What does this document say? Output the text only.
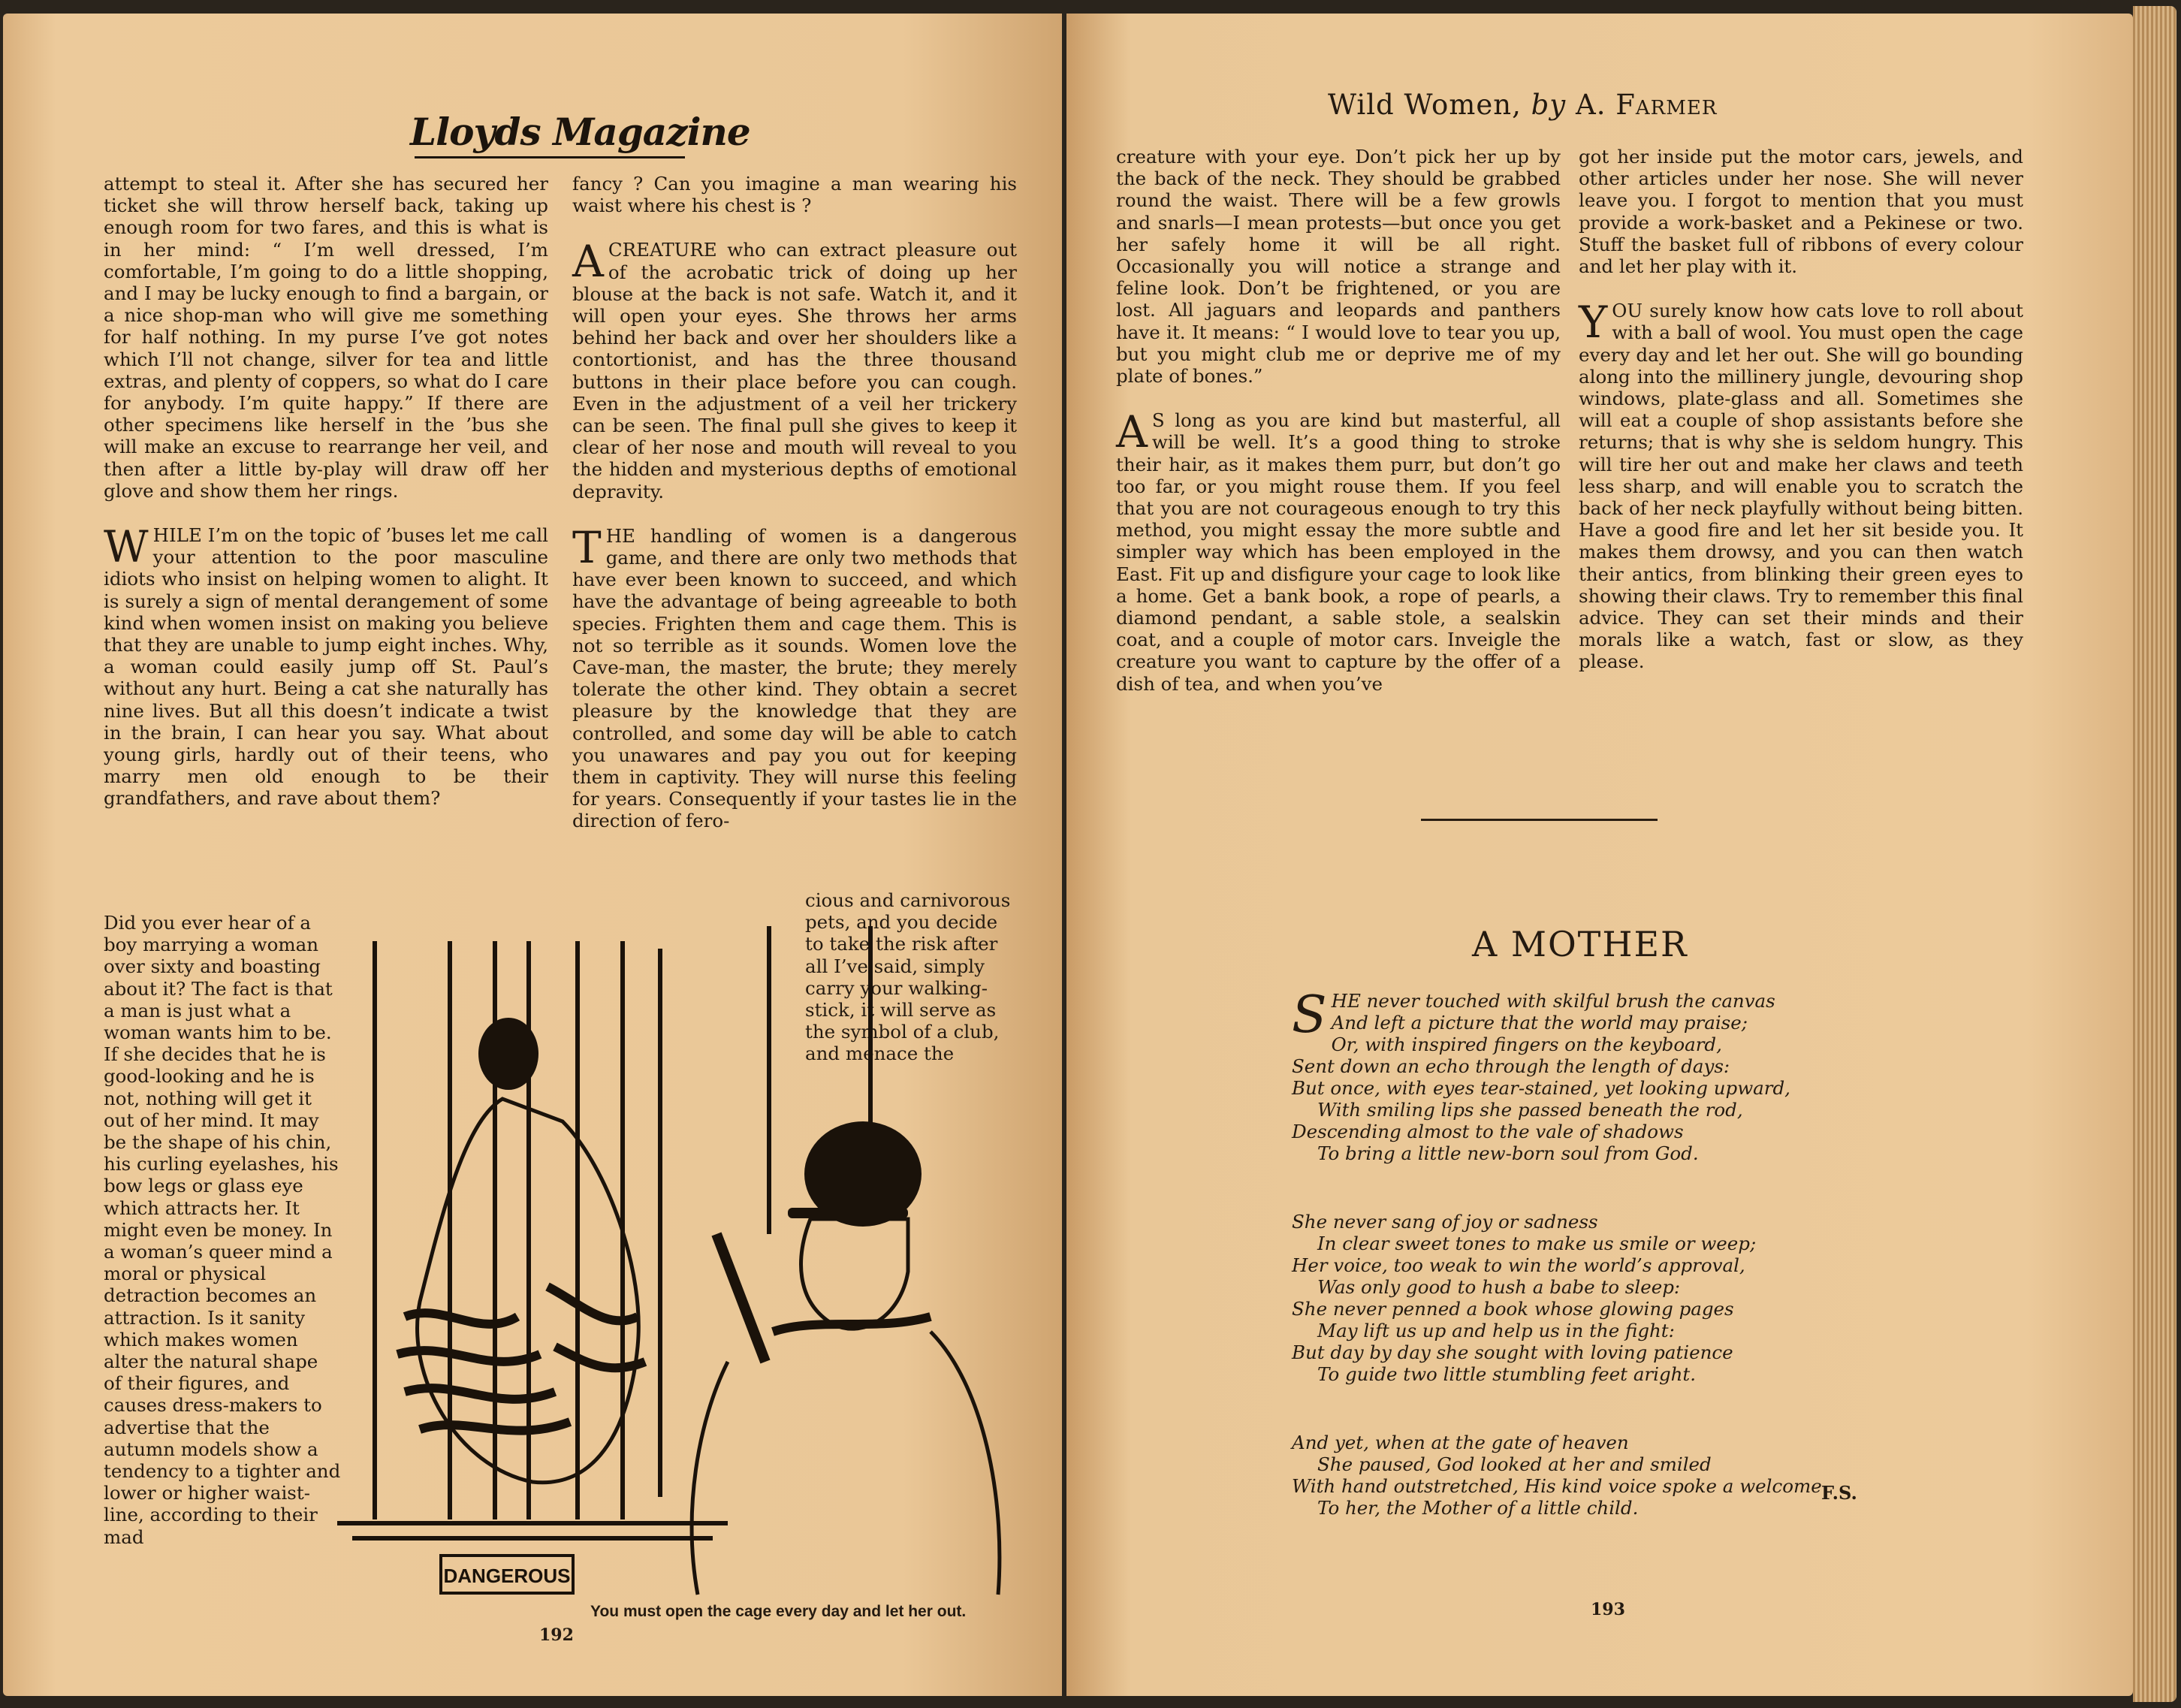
Lloyds Magazine

attempt to steal it. After she has secured her ticket she will throw herself back, taking up enough room for two fares, and this is what is in her mind: “ I’m well dressed, I’m comfortable, I’m going to do a little shopping, and I may be lucky enough to find a bargain, or a nice shop-man who will give me something for half nothing. In my purse I’ve got notes which I’ll not change, silver for tea and little extras, and plenty of coppers, so what do I care for anybody. I’m quite happy.” If there are other specimens like herself in the ’bus she will make an excuse to rearrange her veil, and then after a little by-play will draw off her glove and show them her rings.

WHILE I’m on the topic of ’buses let me call your attention to the poor masculine idiots who insist on helping women to alight. It is surely a sign of mental derangement of some kind when women insist on making you believe that they are unable to jump eight inches. Why, a woman could easily jump off St. Paul’s without any hurt. Being a cat she naturally has nine lives. But all this doesn’t indicate a twist in the brain, I can hear you say. What about young girls, hardly out of their teens, who marry men old enough to be their grandfathers, and rave about them?

Did you ever hear of a boy marrying a woman over sixty and boasting about it? The fact is that a man is just what a woman wants him to be. If she decides that he is good-looking and he is not, nothing will get it out of her mind. It may be the shape of his chin, his curling eyelashes, his bow legs or glass eye which attracts her. It might even be money. In a woman’s queer mind a moral or physical detraction becomes an attraction. Is it sanity which makes women alter the natural shape of their figures, and causes dress-makers to advertise that the autumn models show a tendency to a tighter and lower or higher waist-line, according to their mad

fancy ? Can you imagine a man wearing his waist where his chest is ?

ACREATURE who can extract pleasure out of the acrobatic trick of doing up her blouse at the back is not safe. Watch it, and it will open your eyes. She throws her arms behind her back and over her shoulders like a contortionist, and has the three thousand buttons in their place before you can cough. Even in the adjustment of a veil her trickery can be seen. The final pull she gives to keep it clear of her nose and mouth will reveal to you the hidden and mysterious depths of emotional depravity.

THE handling of women is a dangerous game, and there are only two methods that have ever been known to succeed, and which have the advantage of being agreeable to both species. Frighten them and cage them. This is not so terrible as it sounds. Women love the Cave-man, the master, the brute; they merely tolerate the other kind. They obtain a secret pleasure by the knowledge that they are controlled, and some day will be able to catch you unawares and pay you out for keeping them in captivity. They will nurse this feeling for years. Consequently if your tastes lie in the direction of fero-

cious and carnivorous pets, and you decide to take the risk after all I’ve said, simply carry your walking-stick, it will serve as the symbol of a club, and menace the

DANGEROUS
You must open the cage every day and let her out.
192
Wild Women, by A. Farmer

creature with your eye. Don’t pick her up by the back of the neck. They should be grabbed round the waist. There will be a few growls and snarls—I mean protests—but once you get her safely home it will be all right. Occasionally you will notice a strange and feline look. Don’t be frightened, or you are lost. All jaguars and leopards and panthers have it. It means: “ I would love to tear you up, but you might club me or deprive me of my plate of bones.”

A S long as you are kind but masterful, all will be well. It’s a good thing to stroke their hair, as it makes them purr, but don’t go too far, or you might rouse them. If you feel that you are not courageous enough to try this method, you might essay the more subtle and simpler way which has been employed in the East. Fit up and disfigure your cage to look like a home. Get a bank book, a rope of pearls, a diamond pendant, a sable stole, a sealskin coat, and a couple of motor cars. Inveigle the creature you want to capture by the offer of a dish of tea, and when you’ve

got her inside put the motor cars, jewels, and other articles under her nose. She will never leave you. I forgot to mention that you must provide a work-basket and a Pekinese or two. Stuff the basket full of ribbons of every colour and let her play with it.

YOU surely know how cats love to roll about with a ball of wool. You must open the cage every day and let her out. She will go bounding along into the millinery jungle, devouring shop windows, plate-glass and all. Sometimes she will eat a couple of shop assistants before she returns; that is why she is seldom hungry. This will tire her out and make her claws and teeth less sharp, and will enable you to scratch the back of her neck playfully without being bitten. Have a good fire and let her sit beside you. It makes them drowsy, and you can then watch their antics, from blinking their green eyes to showing their claws. Try to remember this final advice. They can set their minds and their morals like a watch, fast or slow, as they please.

A MOTHER
S HE never touched with skilful brush the canvas
And left a picture that the world may praise;
Or, with inspired fingers on the keyboard,
Sent down an echo through the length of days:
But once, with eyes tear-stained, yet looking upward,
With smiling lips she passed beneath the rod,
Descending almost to the vale of shadows
To bring a little new-born soul from God.
She never sang of joy or sadness
In clear sweet tones to make us smile or weep;
Her voice, too weak to win the world’s approval,
Was only good to hush a babe to sleep:
She never penned a book whose glowing pages
May lift us up and help us in the fight:
But day by day she sought with loving patience
To guide two little stumbling feet aright.
And yet, when at the gate of heaven
She paused, God looked at her and smiled
With hand outstretched, His kind voice spoke a welcome
To her, the Mother of a little child.
F.S.
193
